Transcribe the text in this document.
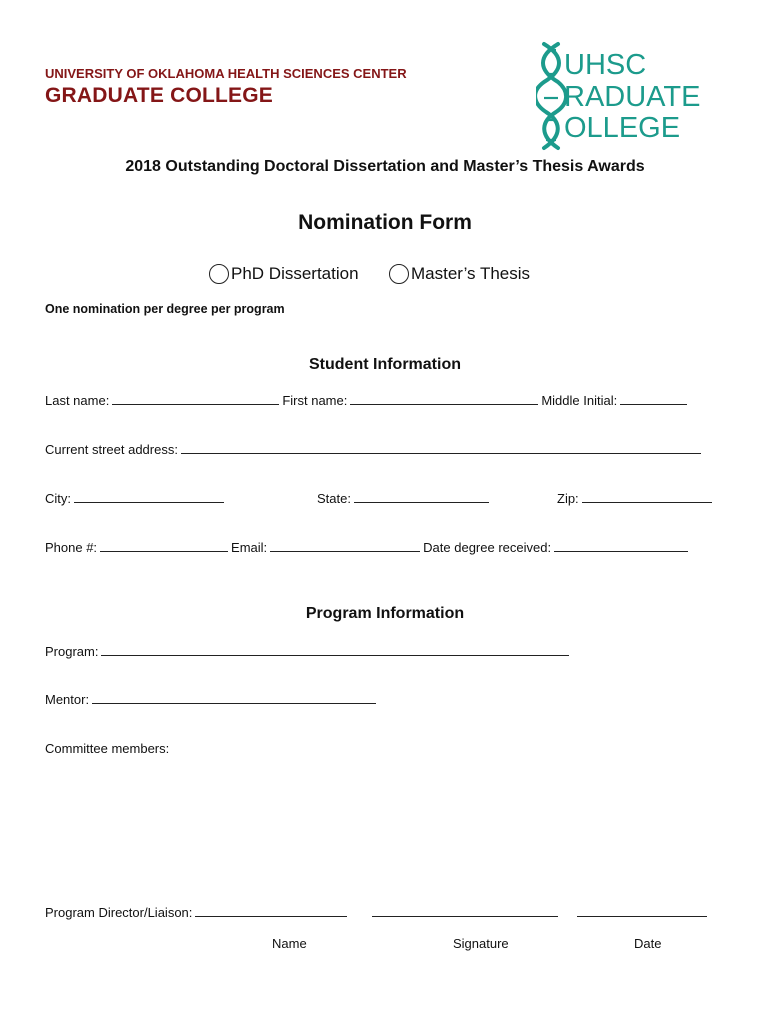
UNIVERSITY OF OKLAHOMA HEALTH SCIENCES CENTER
GRADUATE COLLEGE
UHSC
RADUATE
OLLEGE
2018 Outstanding Doctoral Dissertation and Master’s Thesis Awards
Nomination Form
PhD Dissertation	Master’s Thesis
One nomination per degree per program
Student Information
Last name:	First name:	Middle Initial:
Current street address:
City:	State:	Zip:
Phone #:	Email:	Date degree received:
Program Information
Program:
Mentor:
Committee members:
Program Director/Liaison:
Name	Signature	Date
